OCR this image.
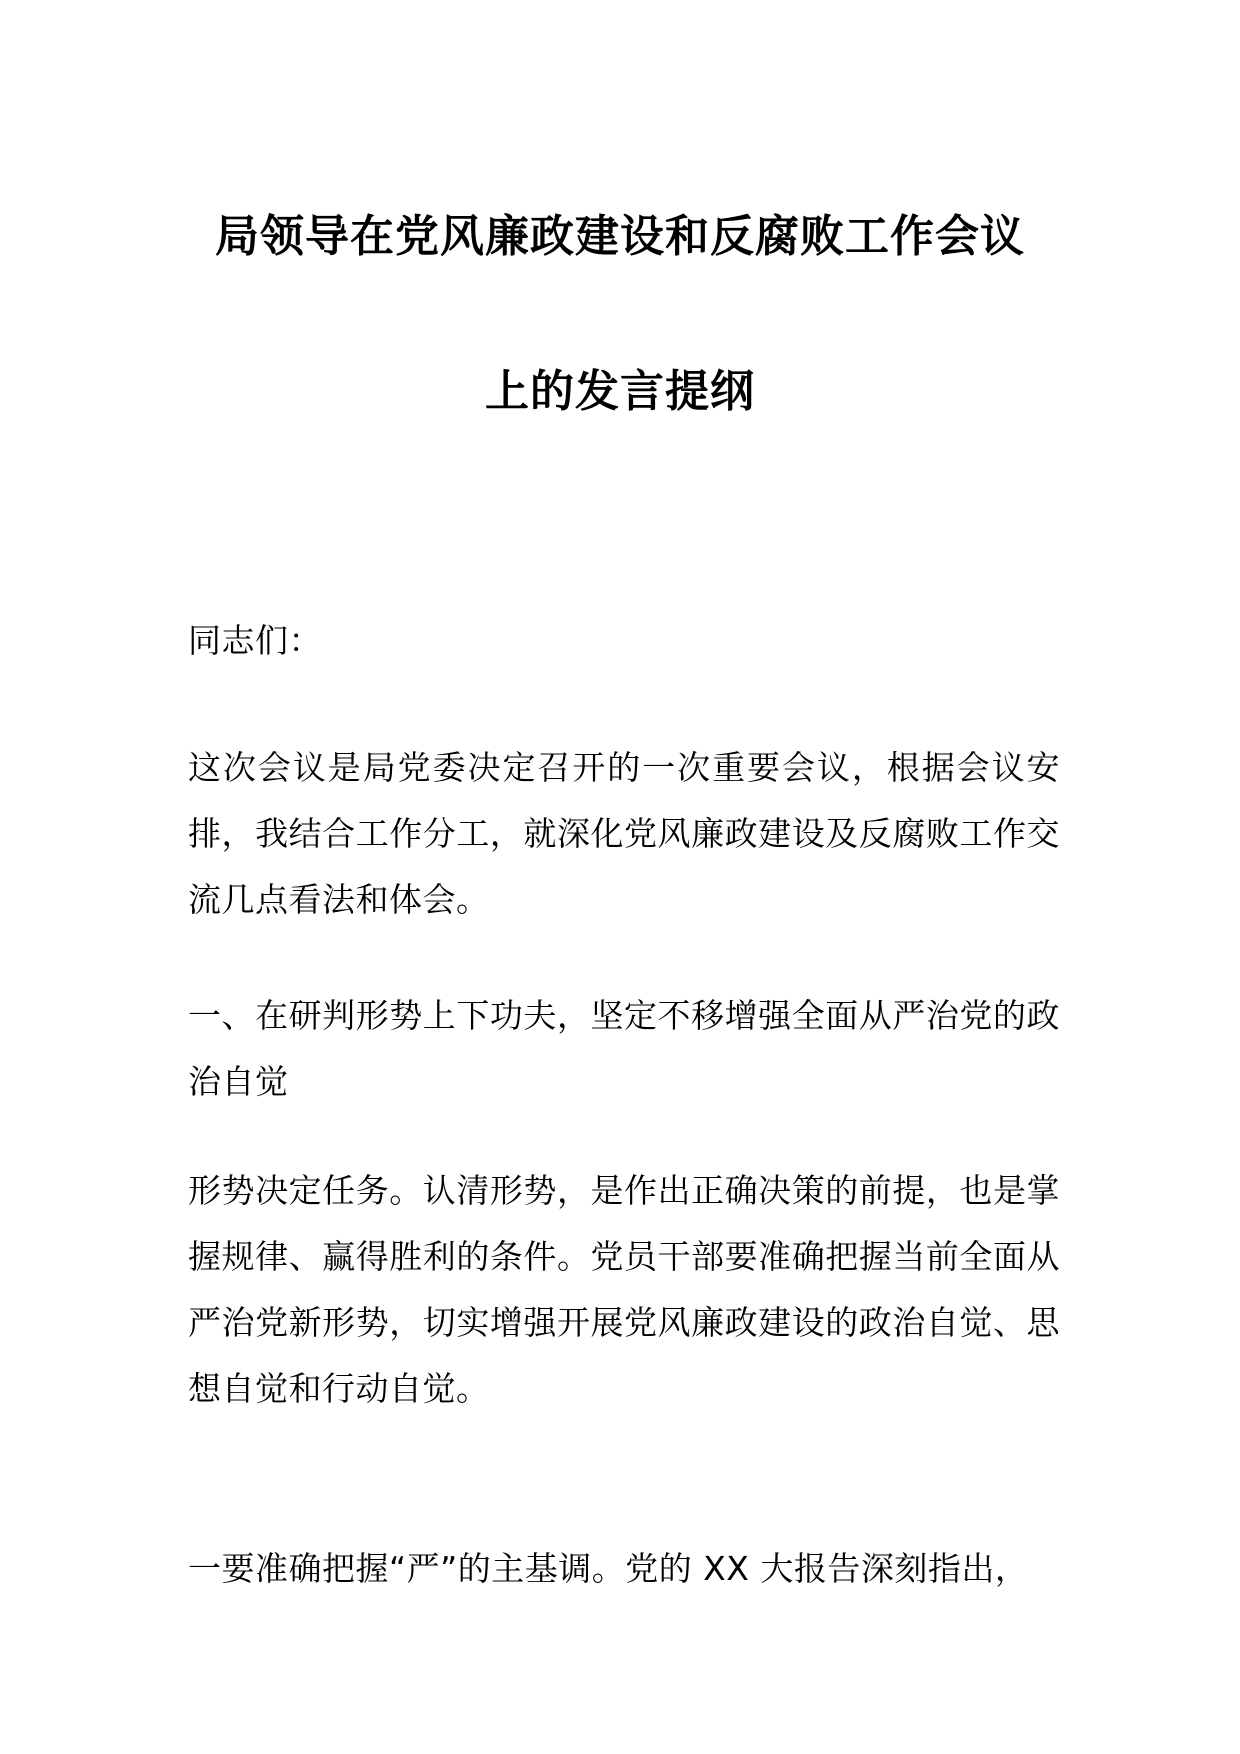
局领导在党风廉政建设和反腐败工作会议
上的发言提纲
同志们：
这次会议是局党委决定召开的一次重要会议，根据会议安排，我结合工作分工，就深化党风廉政建设及反腐败工作交流几点看法和体会。
一、在研判形势上下功夫，坚定不移增强全面从严治党的政治自觉
形势决定任务。认清形势，是作出正确决策的前提，也是掌握规律、赢得胜利的条件。党员干部要准确把握当前全面从严治党新形势，切实增强开展党风廉政建设的政治自觉、思想自觉和行动自觉。
一要准确把握“严”的主基调。党的 XX 大报告深刻指出，
